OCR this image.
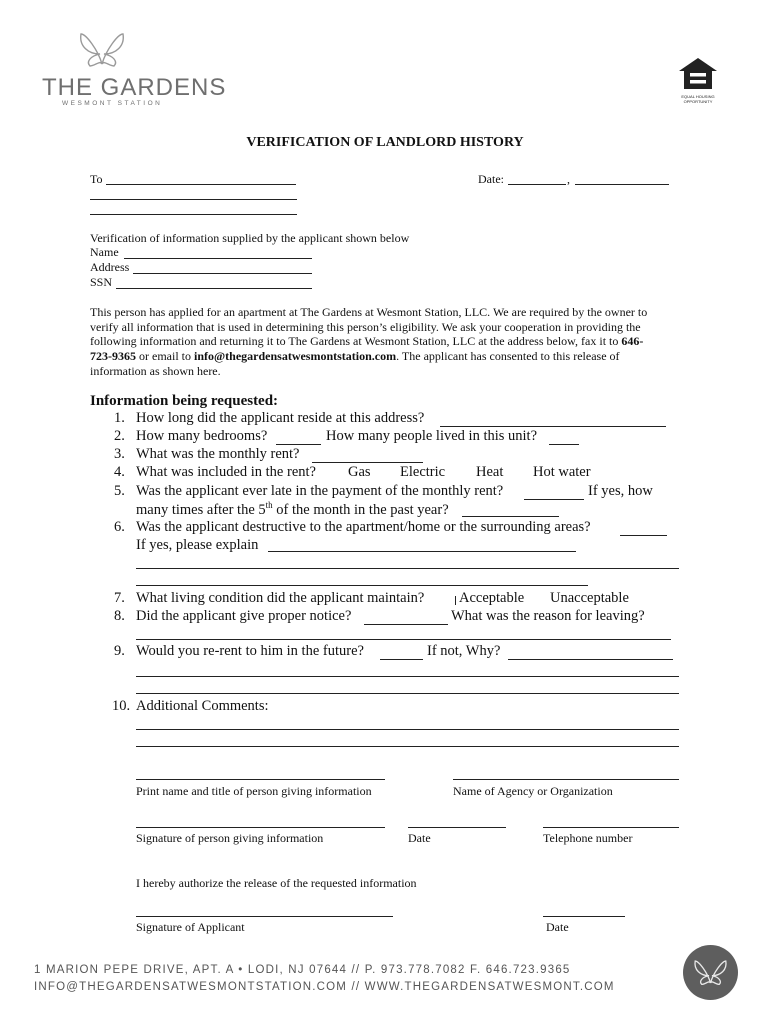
THE GARDENS
WESMONT STATION
EQUAL HOUSING OPPORTUNITY
VERIFICATION OF LANDLORD HISTORY
To	Date:	,
Verification of information supplied by the applicant shown below
Name
Address
SSN
This person has applied for an apartment at The Gardens at Wesmont Station, LLC. We are required by the owner to
verify all information that is used in determining this person’s eligibility. We ask your cooperation in providing the
following information and returning it to The Gardens at Wesmont Station, LLC at the address below, fax it to 646-
723-9365 or email to info@thegardensatwesmontstation.com. The applicant has consented to this release of
information as shown here.
Information being requested:
1. How long did the applicant reside at this address?
2. How many bedrooms?	How many people lived in this unit?
3. What was the monthly rent?
4. What was included in the rent? Gas Electric Heat Hot water
5. Was the applicant ever late in the payment of the monthly rent?	If yes, how
many times after the 5th of the month in the past year?
6. Was the applicant destructive to the apartment/home or the surrounding areas?
If yes, please explain
7. What living condition did the applicant maintain? Acceptable Unacceptable
8. Did the applicant give proper notice?	What was the reason for leaving?
9. Would you re-rent to him in the future?	If not, Why?
10. Additional Comments:
Print name and title of person giving information	Name of Agency or Organization
Signature of person giving information	Date	Telephone number
I hereby authorize the release of the requested information
Signature of Applicant	Date
1 MARION PEPE DRIVE, APT. A • LODI, NJ 07644 // P. 973.778.7082 F. 646.723.9365
INFO@THEGARDENSATWESMONTSTATION.COM // WWW.THEGARDENSATWESMONT.COM
